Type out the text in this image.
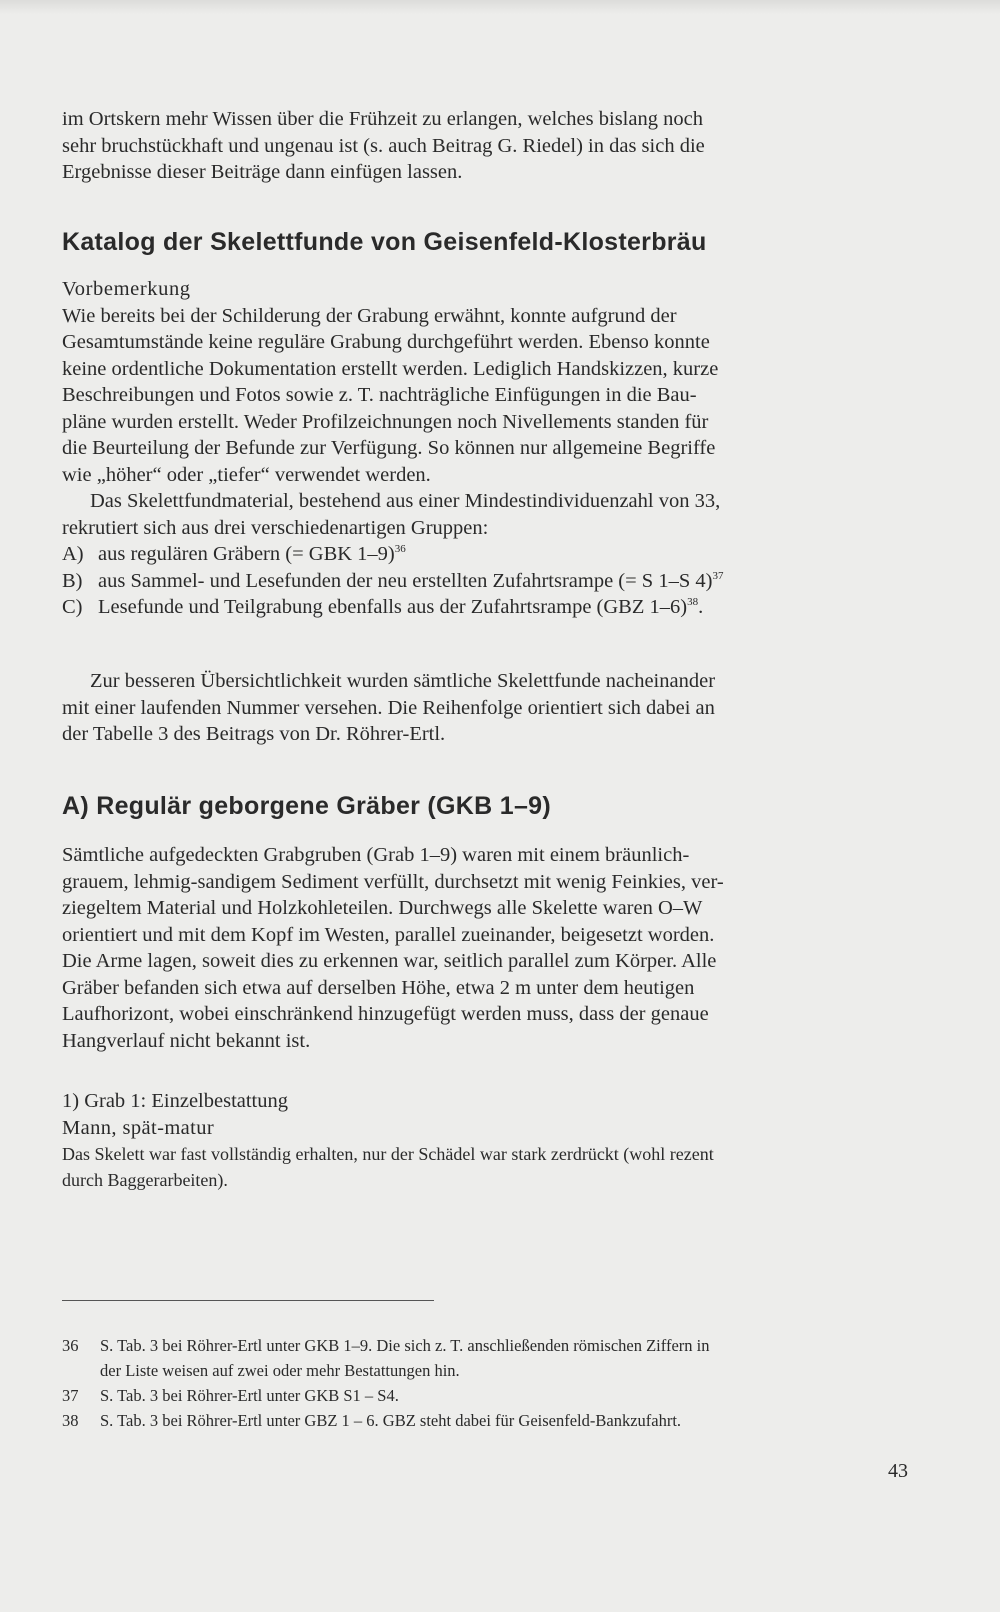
im Ortskern mehr Wissen über die Frühzeit zu erlangen, welches bislang noch
sehr bruchstückhaft und ungenau ist (s. auch Beitrag G. Riedel) in das sich die
Ergebnisse dieser Beiträge dann einfügen lassen.

Katalog der Skelettfunde von Geisenfeld-Klosterbräu

Vorbemerkung

Wie bereits bei der Schilderung der Grabung erwähnt, konnte aufgrund der
Gesamtumstände keine reguläre Grabung durchgeführt werden. Ebenso konnte
keine ordentliche Dokumentation erstellt werden. Lediglich Handskizzen, kurze
Beschreibungen und Fotos sowie z. T. nachträgliche Einfügungen in die Bau-
pläne wurden erstellt. Weder Profilzeichnungen noch Nivellements standen für
die Beurteilung der Befunde zur Verfügung. So können nur allgemeine Begriffe
wie „höher“ oder „tiefer“ verwendet werden.

Das Skelettfundmaterial, bestehend aus einer Mindestindividuenzahl von 33,
rekrutiert sich aus drei verschiedenartigen Gruppen:

A) aus regulären Gräbern (= GBK 1–9)$^{36}$
B) aus Sammel- und Lesefunden der neu erstellten Zufahrtsrampe (= S 1–S 4)$^{37}$
C) Lesefunde und Teilgrabung ebenfalls aus der Zufahrtsrampe (GBZ 1–6)$^{38}$.

Zur besseren Übersichtlichkeit wurden sämtliche Skelettfunde nacheinander
mit einer laufenden Nummer versehen. Die Reihenfolge orientiert sich dabei an
der Tabelle 3 des Beitrags von Dr. Röhrer-Ertl.

A) Regulär geborgene Gräber (GKB 1–9)

Sämtliche aufgedeckten Grabgruben (Grab 1–9) waren mit einem bräunlich-
grauem, lehmig-sandigem Sediment verfüllt, durchsetzt mit wenig Feinkies, ver-
ziegeltem Material und Holzkohleteilen. Durchwegs alle Skelette waren O–W
orientiert und mit dem Kopf im Westen, parallel zueinander, beigesetzt worden.
Die Arme lagen, soweit dies zu erkennen war, seitlich parallel zum Körper. Alle
Gräber befanden sich etwa auf derselben Höhe, etwa 2 m unter dem heutigen
Laufhorizont, wobei einschränkend hinzugefügt werden muss, dass der genaue
Hangverlauf nicht bekannt ist.

1) Grab 1: Einzelbestattung

Mann, spät-matur

Das Skelett war fast vollständig erhalten, nur der Schädel war stark zerdrückt (wohl rezent
durch Baggerarbeiten).

36	S. Tab. 3 bei Röhrer-Ertl unter GKB 1–9. Die sich z. T. anschließenden römischen Ziffern in
der Liste weisen auf zwei oder mehr Bestattungen hin.
37	S. Tab. 3 bei Röhrer-Ertl unter GKB S1 – S4.
38	S. Tab. 3 bei Röhrer-Ertl unter GBZ 1 – 6. GBZ steht dabei für Geisenfeld-Bankzufahrt.
43
